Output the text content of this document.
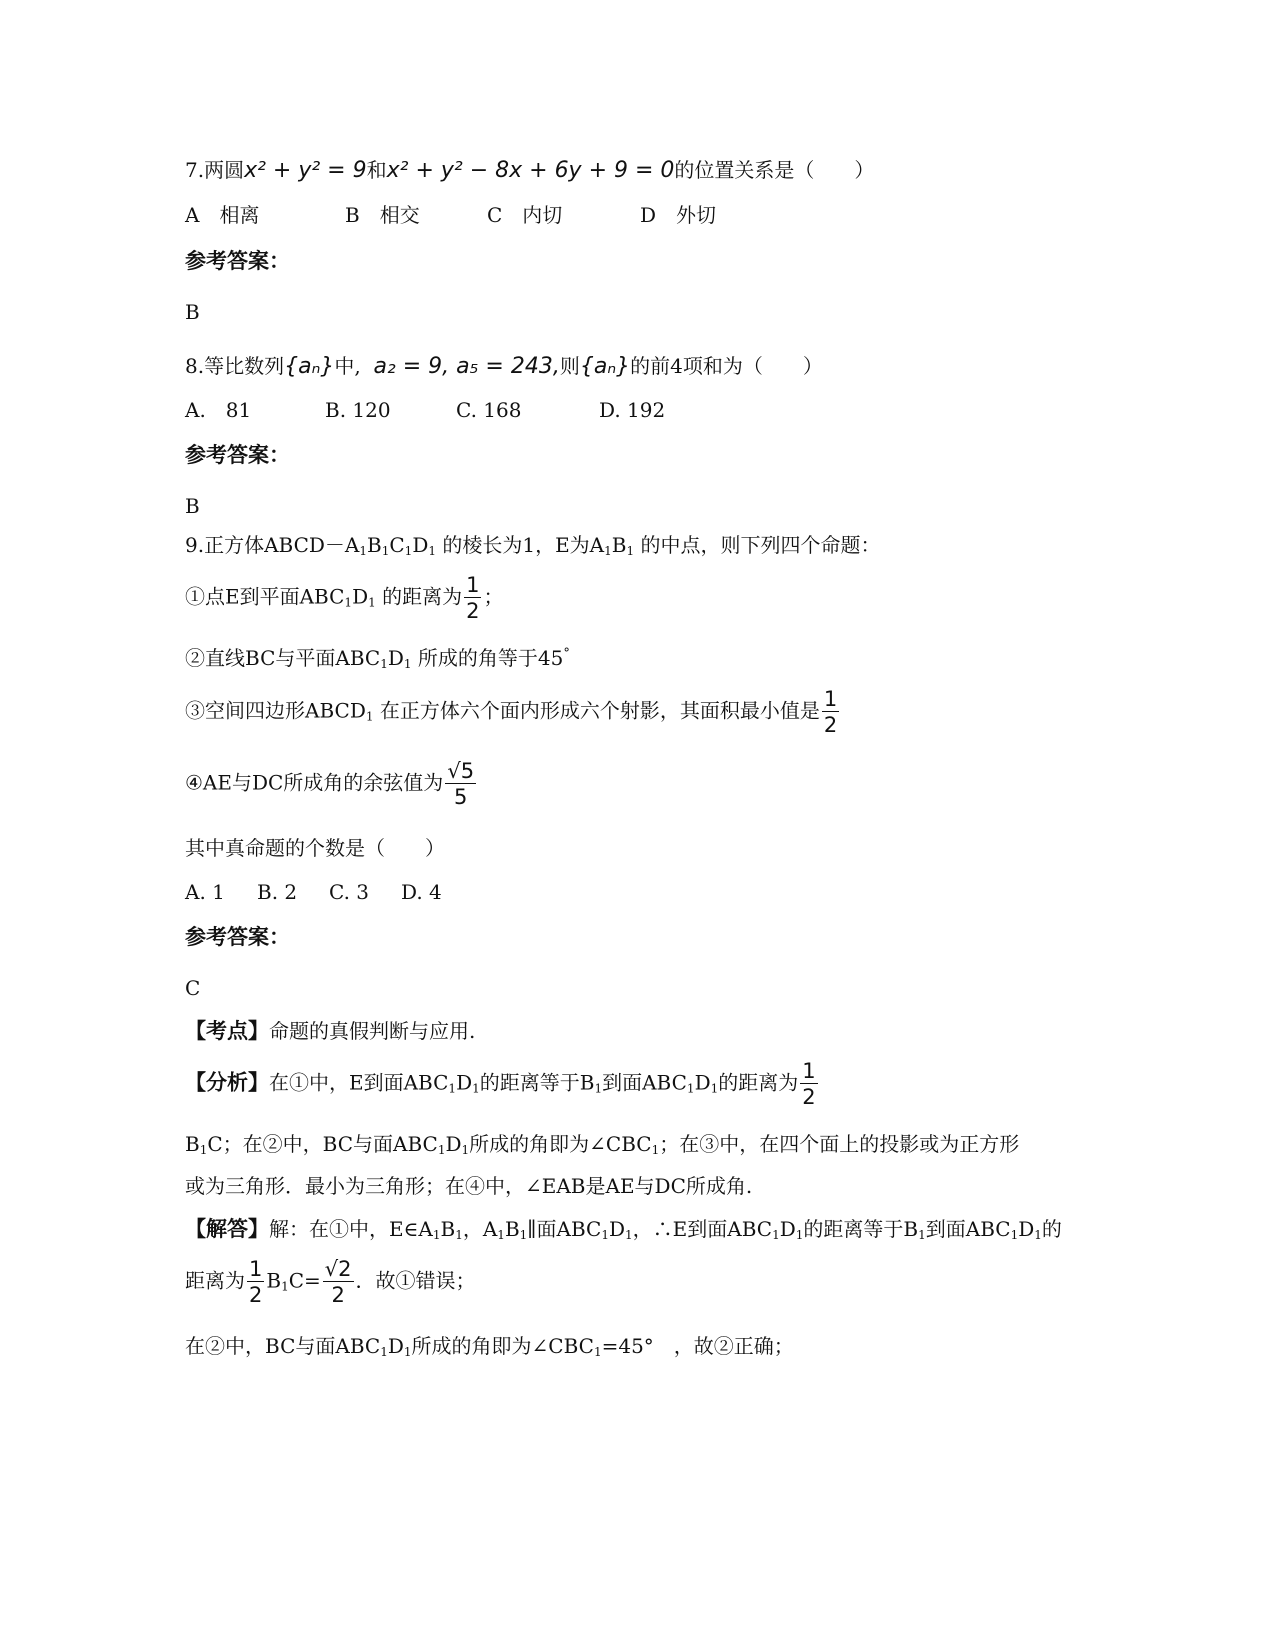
7.两圆x² + y² = 9和x² + y² − 8x + 6y + 9 = 0的位置关系是（　　）
A　相离	B　相交	C　内切	D　外切
参考答案：
B
8.等比数列{aₙ}中, a₂ = 9, a₅ = 243,则{aₙ}的前4项和为（　　）
A.　81	B. 120	C. 168	D. 192
参考答案：
B
9.正方体$ABCD-A_1B_1C_1D_1$ 的棱长为1，E为$A_1B_1$ 的中点，则下列四个命题：
①点E到平面$ABC_1D_1$ 的距离为 $\frac{1}{2}$ ；
②直线BC与平面$ABC_1D_1$ 所成的角等于45°
③空间四边形$ABCD_1$ 在正方体六个面内形成六个射影，其面积最小值是 $\frac{1}{2}$
④AE与DC所成角的余弦值为 $\frac{√5}{5}$
其中真命题的个数是（　　）
A. 1 B. 2 C. 3 D. 4
参考答案：
C
【考点】命题的真假判断与应用.
【分析】在①中，E到面$ABC_1D_1$的距离等于$B_1$到面$ABC_1D_1$的距离为 $\frac{1}{2}$
$B_1C$；在②中，BC与面$ABC_1D_1$所成的角即为$\angle CBC_1$；在③中，在四个面上的投影或为正方形
或为三角形．最小为三角形；在④中，∠EAB是AE与DC所成角.
【解答】解：在①中，$E\in A_1B_1$，$A_1B_1\parallel$面$ABC_1D_1$，∴E到面$ABC_1D_1$的距离等于$B_1$到面$ABC_1D_1$的
距离为 $\frac{1}{2} B_1C= \frac{√2}{2}$ ．故①错误；
在②中，BC与面$ABC_1D_1$所成的角即为$\angle CBC_1=45^\circ$　，故②正确；
